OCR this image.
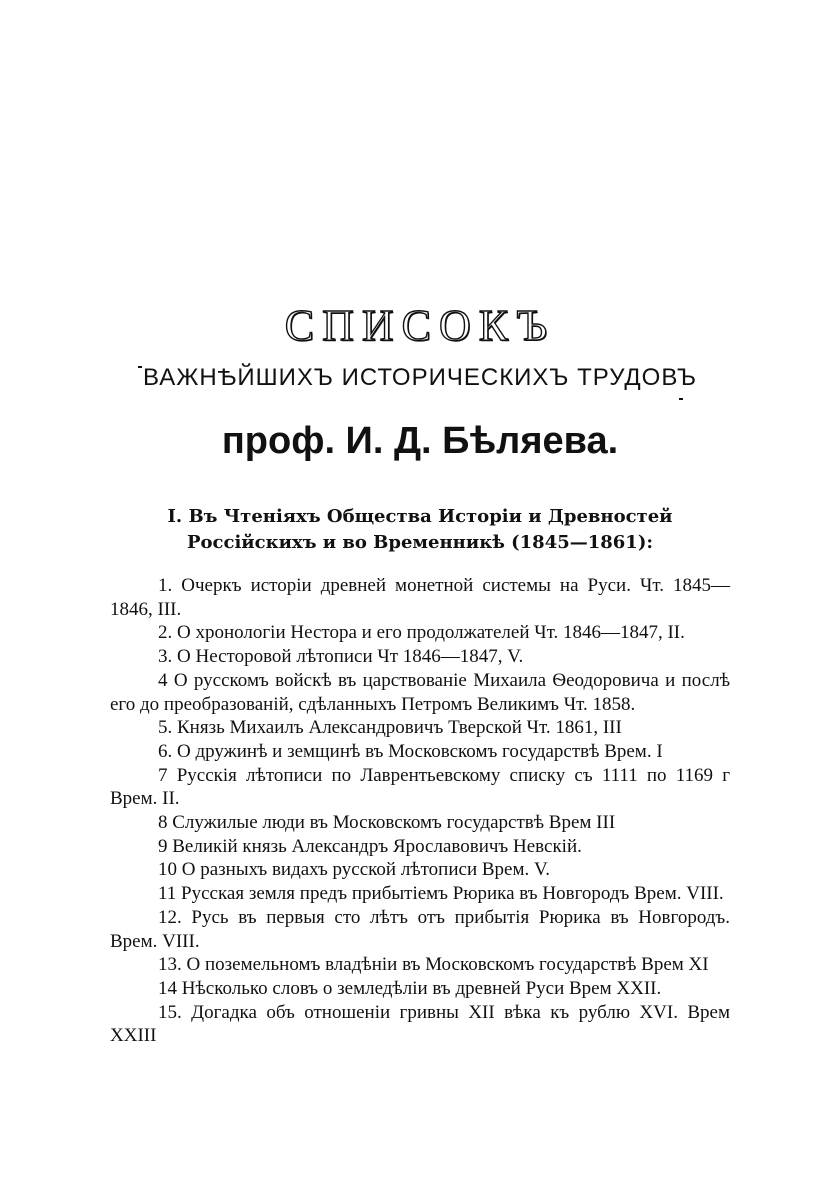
СПИСОКЪ
ВАЖНѢЙШИХЪ ИСТОРИЧЕСКИХЪ ТРУДОВЪ
проф. И. Д. Бѣляева.
I. Въ Чтеніяхъ Общества Исторіи и Древностей Россійскихъ и во Временникѣ (1845—1861):

1. Очеркъ исторіи древней монетной системы на Руси. Чт. 1845—1846, III.

2. О хронологіи Нестора и его продолжателей Чт. 1846—1847, II.

3. О Несторовой лѣтописи Чт 1846—1847, V.

4 О русскомъ войскѣ въ царствованіе Михаила Ѳеодоровича и послѣ его до преобразованій, сдѣланныхъ Петромъ Великимъ Чт. 1858.

5. Князь Михаилъ Александровичъ Тверской Чт. 1861, III

6. О дружинѣ и земщинѣ въ Московскомъ государствѣ Врем. I

7 Русскія лѣтописи по Лаврентьевскому списку съ 1111 по 1169 г Врем. II.

8 Служилые люди въ Московскомъ государствѣ Врем III

9 Великій князь Александръ Ярославовичъ Невскій.

10 О разныхъ видахъ русской лѣтописи Врем. V.

11 Русская земля предъ прибытіемъ Рюрика въ Новгородъ Врем. VIII.

12. Русь въ первыя сто лѣтъ отъ прибытія Рюрика въ Новгородъ. Врем. VIII.

13. О поземельномъ владѣніи въ Московскомъ государствѣ Врем XI

14 Нѣсколько словъ о земледѣліи въ древней Руси Врем XXII.

15. Догадка объ отношеніи гривны XII вѣка къ рублю XVI. Врем XXIII
